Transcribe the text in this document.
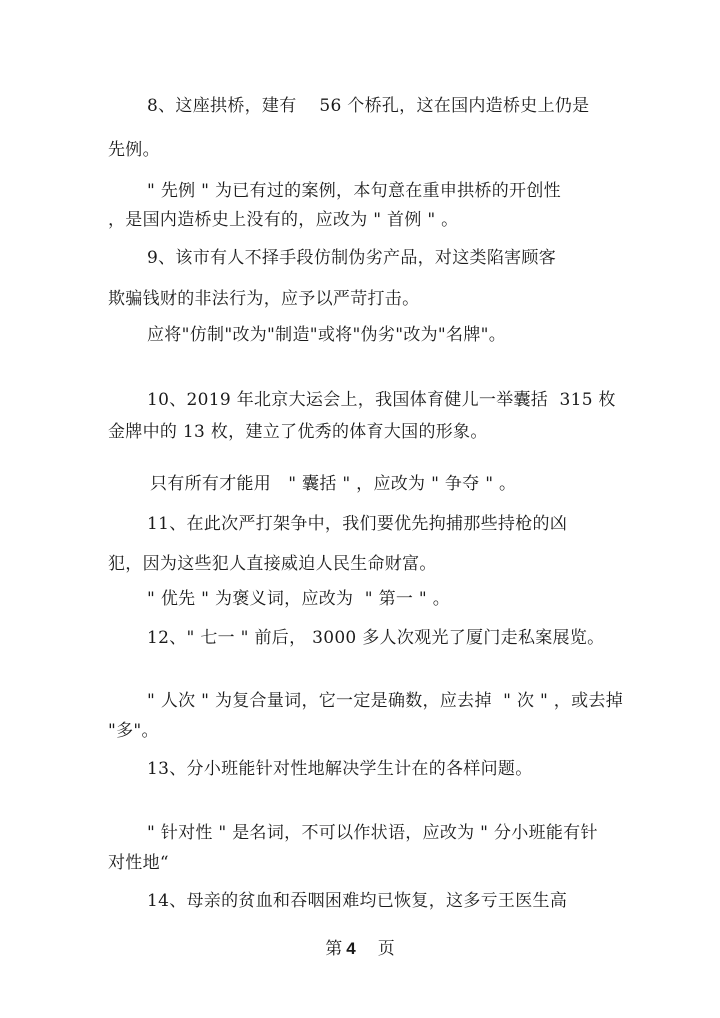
8、这座拱桥，建有    56 个桥孔，这在国内造桥史上仍是
先例。
" 先例 " 为已有过的案例，本句意在重申拱桥的开创性
，是国内造桥史上没有的，应改为 " 首例 " 。
9、该市有人不择手段仿制伪劣产品，对这类陷害顾客
欺骗钱财的非法行为，应予以严苛打击。
应将"仿制"改为"制造"或将"伪劣"改为"名牌"。
10、2019 年北京大运会上，我国体育健儿一举囊括  315 枚
金牌中的 13 枚，建立了优秀的体育大国的形象。
只有所有才能用   " 囊括 " ，应改为 " 争夺 " 。
11、在此次严打架争中，我们要优先拘捕那些持枪的凶
犯，因为这些犯人直接威迫人民生命财富。
" 优先 " 为褒义词，应改为  " 第一 " 。
12、" 七一 " 前后， 3000 多人次观光了厦门走私案展览。
" 人次 " 为复合量词，它一定是确数，应去掉  " 次 " ，或去掉
"多"。
13、分小班能针对性地解决学生计在的各样问题。
" 针对性 " 是名词，不可以作状语，应改为 " 分小班能有针
对性地“
14、母亲的贫血和吞咽困难均已恢复，这多亏王医生高
第 4 页
